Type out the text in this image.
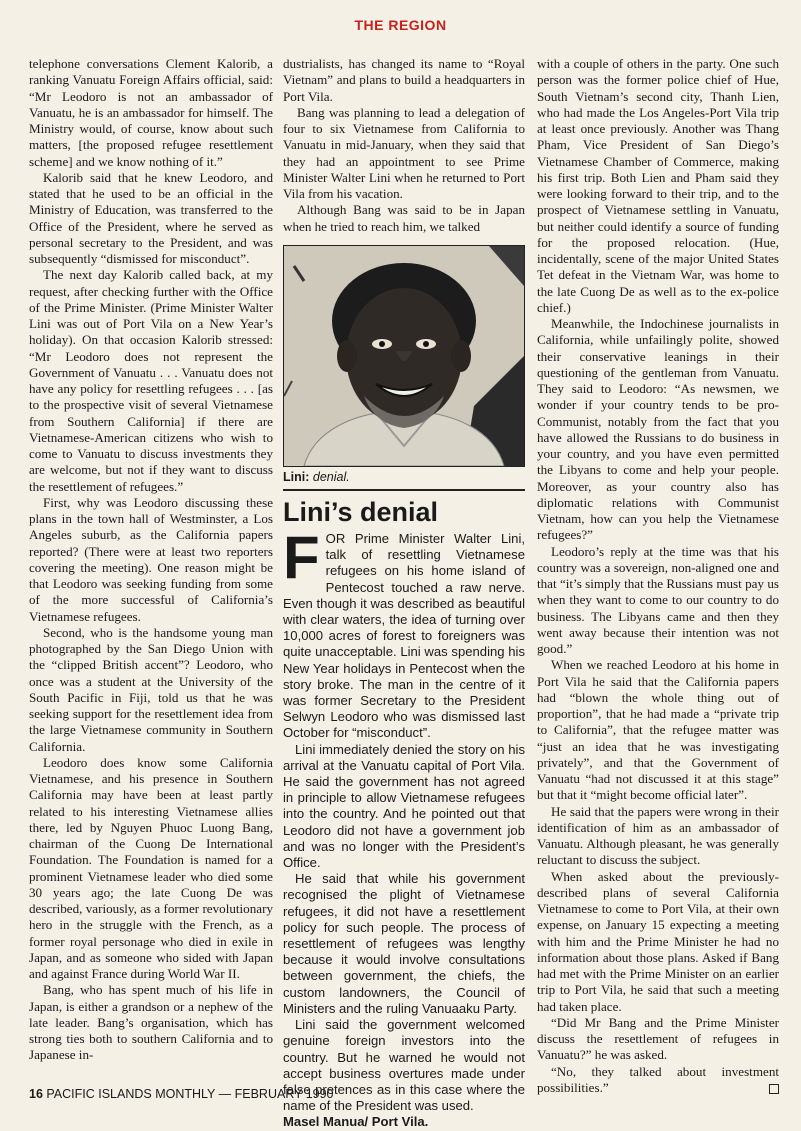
THE REGION

telephone conversations Clement Kalorib, a ranking Vanuatu Foreign Affairs official, said: “Mr Leodoro is not an ambassador of Vanuatu, he is an ambassador for himself. The Ministry would, of course, know about such matters, [the proposed refugee resettlement scheme] and we know nothing of it.”

Kalorib said that he knew Leodoro, and stated that he used to be an official in the Ministry of Education, was transferred to the Office of the President, where he served as personal secretary to the President, and was subsequently “dismissed for misconduct”.

The next day Kalorib called back, at my request, after checking further with the Office of the Prime Minister. (Prime Minister Walter Lini was out of Port Vila on a New Year’s holiday). On that occasion Kalorib stressed: “Mr Leodoro does not represent the Government of Vanuatu . . . Vanuatu does not have any policy for resettling refugees . . . [as to the prospective visit of several Vietnamese from Southern California] if there are Vietnamese-American citizens who wish to come to Vanuatu to discuss investments they are welcome, but not if they want to discuss the resettlement of refugees.”

First, why was Leodoro discussing these plans in the town hall of Westminster, a Los Angeles suburb, as the California papers reported? (There were at least two reporters covering the meeting). One reason might be that Leodoro was seeking funding from some of the more successful of California’s Vietnamese refugees.

Second, who is the handsome young man photographed by the San Diego Union with the “clipped British accent”? Leodoro, who once was a student at the University of the South Pacific in Fiji, told us that he was seeking support for the resettlement idea from the large Vietnamese community in Southern California.

Leodoro does know some California Vietnamese, and his presence in Southern California may have been at least partly related to his interesting Vietnamese allies there, led by Nguyen Phuoc Luong Bang, chairman of the Cuong De International Foundation. The Foundation is named for a prominent Vietnamese leader who died some 30 years ago; the late Cuong De was described, variously, as a former revolutionary hero in the struggle with the French, as a former royal personage who died in exile in Japan, and as someone who sided with Japan and against France during World War II.

Bang, who has spent much of his life in Japan, is either a grandson or a nephew of the late leader. Bang’s organisation, which has strong ties both to southern California and to Japanese in-

dustrialists, has changed its name to “Royal Vietnam” and plans to build a headquarters in Port Vila.

Bang was planning to lead a delegation of four to six Vietnamese from California to Vanuatu in mid-January, when they said that they had an appointment to see Prime Minister Walter Lini when he returned to Port Vila from his vacation.

Although Bang was said to be in Japan when he tried to reach him, we talked

Lini: denial.
Lini’s denial

FOR Prime Minister Walter Lini, talk of resettling Vietnamese refugees on his home island of Pentecost touched a raw nerve. Even though it was described as beautiful with clear waters, the idea of turning over 10,000 acres of forest to foreigners was quite unacceptable. Lini was spending his New Year holidays in Pentecost when the story broke. The man in the centre of it was former Secretary to the President Selwyn Leodoro who was dismissed last October for “misconduct”.

Lini immediately denied the story on his arrival at the Vanuatu capital of Port Vila. He said the government has not agreed in principle to allow Vietnamese refugees into the country. And he pointed out that Leodoro did not have a government job and was no longer with the President’s Office.

He said that while his government recognised the plight of Vietnamese refugees, it did not have a resettlement policy for such people. The process of resettlement of refugees was lengthy because it would involve consultations between government, the chiefs, the custom landowners, the Council of Ministers and the ruling Vanuaaku Party.

Lini said the government welcomed genuine foreign investors into the country. But he warned he would not accept business overtures made under false pretences as in this case where the name of the President was used.

Masel Manua/ Port Vila.

with a couple of others in the party. One such person was the former police chief of Hue, South Vietnam’s second city, Thanh Lien, who had made the Los Angeles-Port Vila trip at least once previously. Another was Thang Pham, Vice President of San Diego’s Vietnamese Chamber of Commerce, making his first trip. Both Lien and Pham said they were looking forward to their trip, and to the prospect of Vietnamese settling in Vanuatu, but neither could identify a source of funding for the proposed relocation. (Hue, incidentally, scene of the major United States Tet defeat in the Vietnam War, was home to the late Cuong De as well as to the ex-police chief.)

Meanwhile, the Indochinese journalists in California, while unfailingly polite, showed their conservative leanings in their questioning of the gentleman from Vanuatu. They said to Leodoro: “As newsmen, we wonder if your country tends to be pro-Communist, notably from the fact that you have allowed the Russians to do business in your country, and you have even permitted the Libyans to come and help your people. Moreover, as your country also has diplomatic relations with Communist Vietnam, how can you help the Vietnamese refugees?”

Leodoro’s reply at the time was that his country was a sovereign, non-aligned one and that “it’s simply that the Russians must pay us when they want to come to our country to do business. The Libyans came and then they went away because their intention was not good.”

When we reached Leodoro at his home in Port Vila he said that the California papers had “blown the whole thing out of proportion”, that he had made a “private trip to California”, that the refugee matter was “just an idea that he was investigating privately”, and that the Government of Vanuatu “had not discussed it at this stage” but that it “might become official later”.

He said that the papers were wrong in their identification of him as an ambassador of Vanuatu. Although pleasant, he was generally reluctant to discuss the subject.

When asked about the previously-described plans of several California Vietnamese to come to Port Vila, at their own expense, on January 15 expecting a meeting with him and the Prime Minister he had no information about those plans. Asked if Bang had met with the Prime Minister on an earlier trip to Port Vila, he said that such a meeting had taken place.

“Did Mr Bang and the Prime Minister discuss the resettlement of refugees in Vanuatu?” he was asked.

“No, they talked about investment possibilities.”

16 PACIFIC ISLANDS MONTHLY — FEBRUARY 1990
